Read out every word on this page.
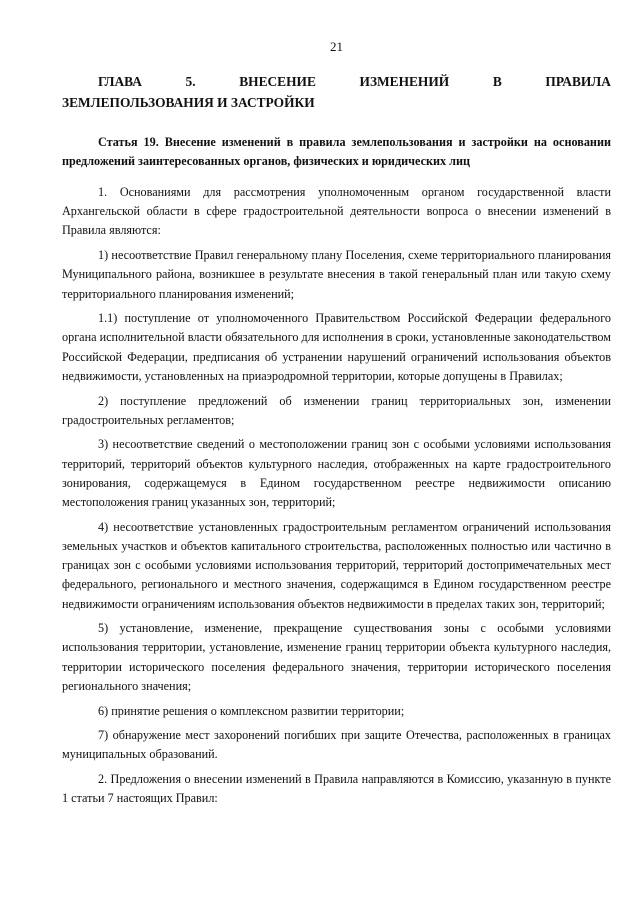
21
ГЛАВА	5.	ВНЕСЕНИЕ	ИЗМЕНЕНИЙ	В	ПРАВИЛА
ЗЕМЛЕПОЛЬЗОВАНИЯ И ЗАСТРОЙКИ
Статья 19. Внесение изменений в правила землепользования и застройки на основании предложений заинтересованных органов, физических и юридических лиц

1. Основаниями для рассмотрения уполномоченным органом государственной власти Архангельской области в сфере градостроительной деятельности вопроса о внесении изменений в Правила являются:

1) несоответствие Правил генеральному плану Поселения, схеме территориального планирования Муниципального района, возникшее в результате внесения в такой генеральный план или такую схему территориального планирования изменений;

1.1) поступление от уполномоченного Правительством Российской Федерации федерального органа исполнительной власти обязательного для исполнения в сроки, установленные законодательством Российской Федерации, предписания об устранении нарушений ограничений использования объектов недвижимости, установленных на приаэродромной территории, которые допущены в Правилах;

2) поступление предложений об изменении границ территориальных зон, изменении градостроительных регламентов;

3) несоответствие сведений о местоположении границ зон с особыми условиями использования территорий, территорий объектов культурного наследия, отображенных на карте градостроительного зонирования, содержащемуся в Едином государственном реестре недвижимости описанию местоположения границ указанных зон, территорий;

4) несоответствие установленных градостроительным регламентом ограничений использования земельных участков и объектов капитального строительства, расположенных полностью или частично в границах зон с особыми условиями использования территорий, территорий достопримечательных мест федерального, регионального и местного значения, содержащимся в Едином государственном реестре недвижимости ограничениям использования объектов недвижимости в пределах таких зон, территорий;

5) установление, изменение, прекращение существования зоны с особыми условиями использования территории, установление, изменение границ территории объекта культурного наследия, территории исторического поселения федерального значения, территории исторического поселения регионального значения;

6) принятие решения о комплексном развитии территории;

7) обнаружение мест захоронений погибших при защите Отечества, расположенных в границах муниципальных образований.

2. Предложения о внесении изменений в Правила направляются в Комиссию, указанную в пункте 1 статьи 7 настоящих Правил:
